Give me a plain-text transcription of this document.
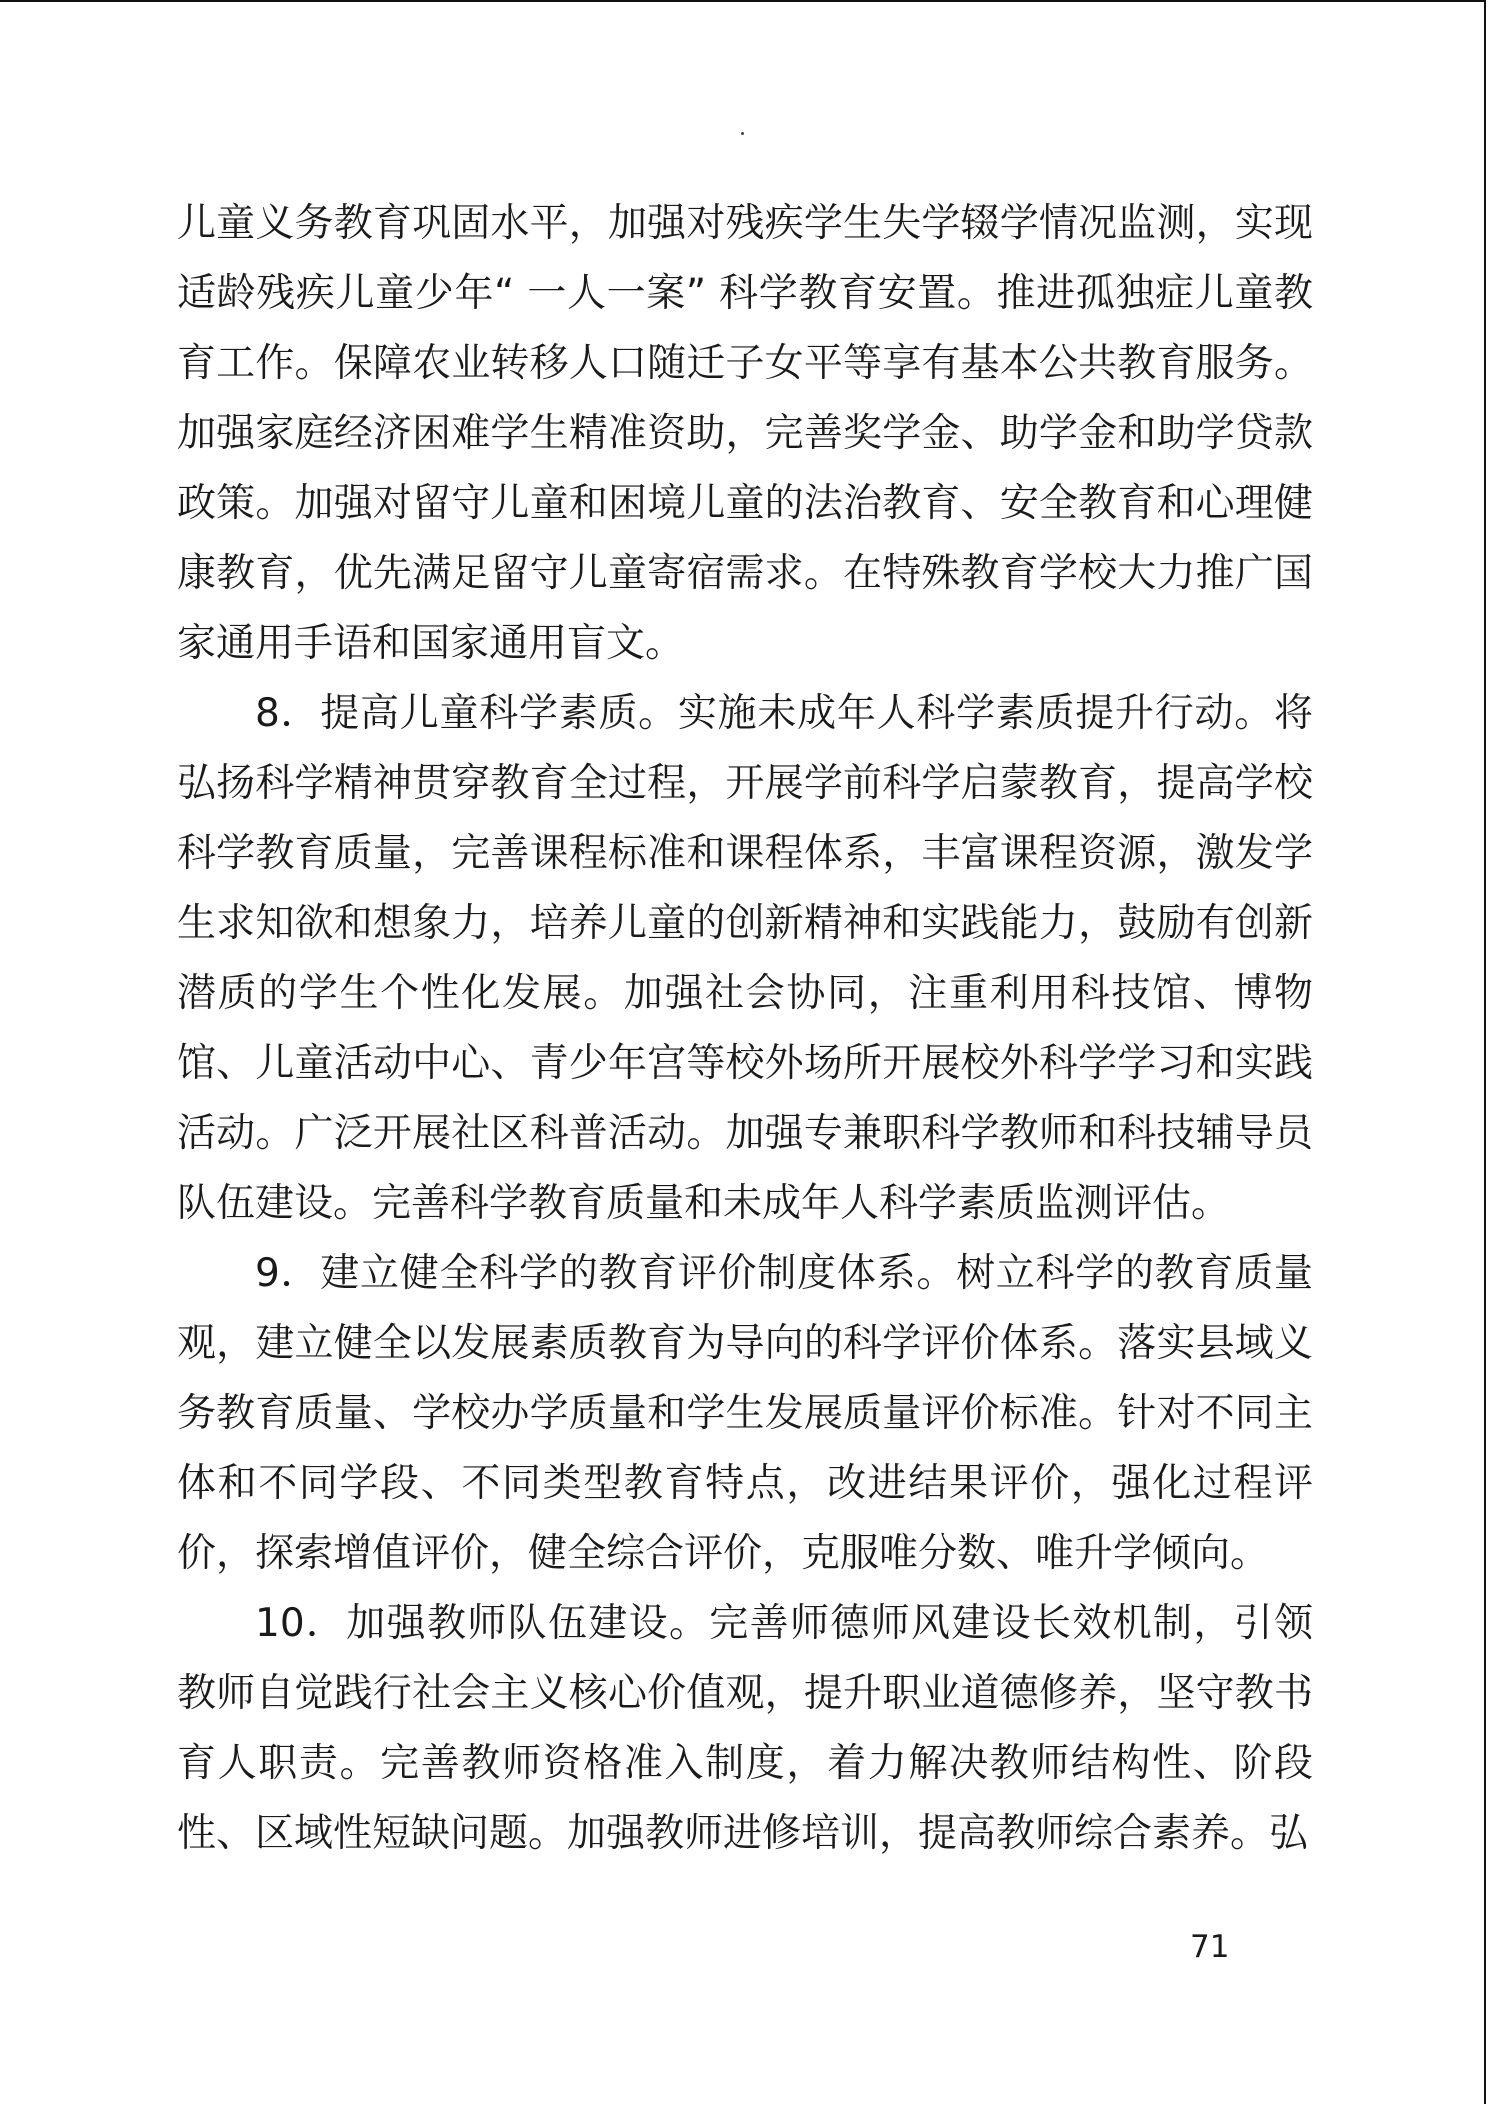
儿童义务教育巩固水平，加强对残疾学生失学辍学情况监测，实现适龄残疾儿童少年“ 一人一案” 科学教育安置。推进孤独症儿童教育工作。保障农业转移人口随迁子女平等享有基本公共教育服务。加强家庭经济困难学生精准资助，完善奖学金、助学金和助学贷款政策。加强对留守儿童和困境儿童的法治教育、安全教育和心理健康教育，优先满足留守儿童寄宿需求。在特殊教育学校大力推广国家通用手语和国家通用盲文。

8．提高儿童科学素质。实施未成年人科学素质提升行动。将弘扬科学精神贯穿教育全过程，开展学前科学启蒙教育，提高学校科学教育质量，完善课程标准和课程体系，丰富课程资源，激发学生求知欲和想象力，培养儿童的创新精神和实践能力，鼓励有创新潜质的学生个性化发展。加强社会协同，注重利用科技馆、博物馆、儿童活动中心、青少年宫等校外场所开展校外科学学习和实践活动。广泛开展社区科普活动。加强专兼职科学教师和科技辅导员队伍建设。完善科学教育质量和未成年人科学素质监测评估。

9．建立健全科学的教育评价制度体系。树立科学的教育质量观，建立健全以发展素质教育为导向的科学评价体系。落实县域义务教育质量、学校办学质量和学生发展质量评价标准。针对不同主体和不同学段、不同类型教育特点，改进结果评价，强化过程评价，探索增值评价，健全综合评价，克服唯分数、唯升学倾向。

10．加强教师队伍建设。完善师德师风建设长效机制，引领教师自觉践行社会主义核心价值观，提升职业道德修养，坚守教书育人职责。完善教师资格准入制度，着力解决教师结构性、阶段性、区域性短缺问题。加强教师进修培训，提高教师综合素养。弘

71
